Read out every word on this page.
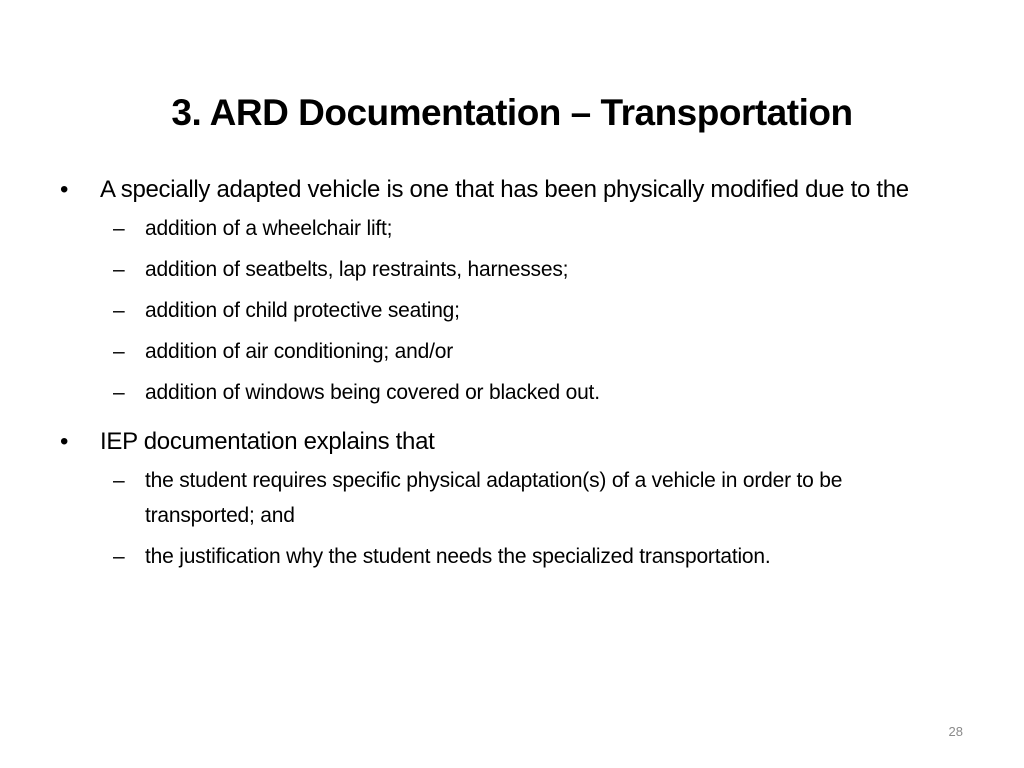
3. ARD Documentation – Transportation
• A specially adapted vehicle is one that has been physically modified due to the
– addition of a wheelchair lift;
– addition of seatbelts, lap restraints, harnesses;
– addition of child protective seating;
– addition of air conditioning; and/or
– addition of windows being covered or blacked out.
• IEP documentation explains that
– the student requires specific physical adaptation(s) of a vehicle in order to be transported; and
– the justification why the student needs the specialized transportation.
28
